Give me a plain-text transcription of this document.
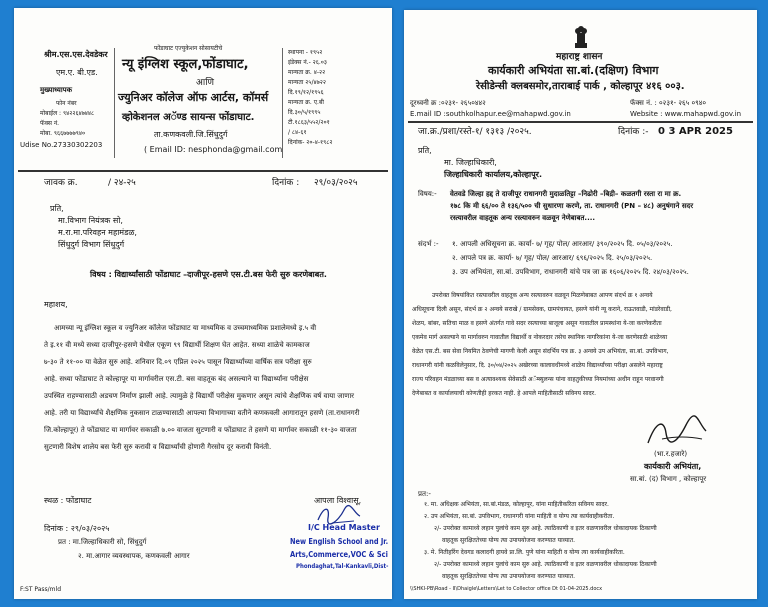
श्रीम.एस.एस.देवडेकर
एम.ए. बी.एड.
मुख्याध्यापक
फोन नंबर
मोबाईल : ९४२२६४७४४८
फॅक्स नं.
मोबा. ९६६७७७७९४०
Udise No.27330302203
फोंडाघाट एज्युकेशन सोसायटीचे
न्यू इंग्लिश स्कूल,फोंडाघाट,
आणि
ज्युनिअर कॉलेज ऑफ आर्टस, कॉमर्स
व्होकेशनल अॅण्ड सायन्स फोंडाघाट.
ता.कणकवली.जि.सिंधुदुर्ग
( Email ID: nesphonda@gmail.com
स्थापना - १९५२
इंडेक्स नं.- २६.०३
मान्यता क्र. ४-२२
मान्यता २५/४७२२
दि.१९/१२/१९५६
मान्यता क्र. ए.बी
दि.३०/५/१९९५
टी.१८६३/५५२/२०१
/ ८४-६१
दिनांक- २०-४-१९८२
जावक क्र.	/ २४-२५	दिनांक : २९/०३/२०२५
प्रति,
मा.विभाग नियंत्रक सो,
म.रा.मा.परिवहन महामंडळ,
सिंधुदुर्ग विभाग सिंधुदुर्ग
विषय : विद्यार्थ्यांसाठी फोंडाघाट –दाजीपूर-हसणे एस.टी.बस फेरी सुरु करणेबाबत.
महाशय,
आमच्या न्यू इंग्लिश स्कूल व ज्युनिअर कॉलेज फोंडाघाट या माध्यमिक व उच्चमाध्यमिक प्रशालेमध्ये इ.५ वी
ते इ.११ वी मध्ये सध्या दाजीपूर-हसणे येथील एकूण ९९ विद्यार्थी शिक्षण घेत आहेत. सध्या शाळेचे कामकाज
७-३० ते ११-०० या वेळेत सुरु आहे. शनिवार दि.०९ एप्रिल २०२५ पासून विद्यार्थ्यांच्या वार्षिक सत्र परीक्षा सुरु
आहे. सध्या फोंडाघाट ते कोल्हापूर या मार्गावरील एस.टी. बस वाहतूक बंद असल्याने या विद्यार्थ्यांना परीक्षेस
उपस्थित राहण्यासाठी अडचण निर्माण झाली आहे. त्यामुळे हे विद्यार्थी परीक्षेस मुकणार असून त्यांचे शैक्षणिक वर्ष वाया जाणार
आहे. तरी या विद्यार्थ्यांचे शैक्षणिक नुकसान टाळण्यासाठी आपल्या विभागाच्या वतीने कणकवली आगारातून हसणे (ता.राधानगरी
जि.कोल्हापूर) ते फोंडाघाट या मार्गावर सकाळी ७.०० वाजता सुटणारी व फोंडाघाट ते हसणे या मार्गावर सकाळी ११-३० वाजता
सुटणारी विशेष शालेय बस फेरी सुरु करावी व विद्यार्थ्यांची होणारी गैरसोय दूर करावी विनंती.
स्थळ : फोंडाघाट	आपला विश्वासू,
I/C Head Master
New English School and Jr.
Arts,Commerce,VOC & Sci
Phondaghat,Tal-Kankavli,Dist-
दिनांक : २९/०३/२०२५
प्रत : मा.जिल्हाधिकारी सो, सिंधुदुर्ग
२. मा.आगार व्यवस्थापक, कणकवली आगार
F:ST Pass/mld
महाराष्ट्र शासन
कार्यकारी अभियंता सा.बां.(दक्षिण) विभाग
रेसीडेन्सी क्लबसमोर,ताराबाई पार्क , कोल्हापूर ४१६ ००३.
दूरध्वनी क्र :०२३१- २६५०४४२	फॅक्स नं. : ०२३१- २६५ ०९४०
E.mail ID :southkolhapur.ee@mahapwd.gov.in	Website : www.mahapwd.gov.in
जा.क्र./प्रशा/रस्ते-१/ १३१३ /२०२५.	दिनांक :- 0 3 APR 2025
प्रति,
मा. जिल्हाधिकारी,
जिल्हाधिकारी कार्यालय,कोल्हापूर.
विषय:- वेतवडे जिल्हा हद्द ते दाजीपूर राधानगरी मुदाळतिट्टा –निढोरी –बिद्री– कळतगी रस्ता रा मा क्र.
१७८ कि मी ६६/०० ते १३६/५०० ची सुधारणा करणे, ता. राधानगरी (PN – ४८) अनुषंगाने सदर
रस्त्यावरील वाहतूक अन्य रस्त्यावरुन वळवून नेणेबाबत....
संदर्भ :- १. आपली अधिसूचना क्र. कार्या- ७/ गृह/ पोल/ आरआर/ ३९०/२०२५ दि. ०५/०३/२०२५.
२. आपले पत्र क्र. कार्या- ७/ गृह/ पोल/ आरआर/ ६९६/२०२५ दि. २५/०३/२०२५.
३. उप अभियंता, सा.बां. उपविभाग, राधानगरी यांचे पत्र जा क्र १६०६/२०२५ दि. २४/०३/२०२५.
उपरोक्त विषयांकित रस्त्यावरील वाहतूक अन्य रस्त्यावरुन वळवून मिळणेबाबत आपण संदर्भ क्र १ अन्वये
अधिसूचना दिली असून, संदर्भ क्र २ अन्वये सराखे / ग्रामसेवक, ग्रामपंचायत, हसणे यांनी न्यू कराने, राऊतवाडी, मांडरेवाडी,
शेळप, बांबर, सतिचा माळ व हसणे अंतर्गत गावे सदर रस्त्याच्या बाजूला असून गावातील प्रामस्थांना ये-जा करणेकरीता
एकमेव मार्ग असल्याने या मार्गावरुन गावातील विद्यार्थी व नोकरदार तसेच स्थानिक नागरिकांना ये-जा करणेसाठी शाळेच्या
वेळेत एस.टी. बस सेवा नियमित ठेवणेची मागणी केली असून संदर्भिय पत्र क्र. ३ अन्वये उप अभियंता, सा.बां. उपविभाग,
राधानगरी यांनी कळविलेनुसार, दि. ३०/०४/२०२५ अखेरच्या कालावधीमध्ये शाळेय विद्यार्थ्यांच्या परीक्षा असलेने महाराष्ट्र
राज्य परिवहन मंडळाच्या बस व अत्यावश्यक सेवेसाठी अॅम्ब्युलन्स यांना वाहतुकीच्या नियमांच्या अधीन राहून परवानगी
देणेबाबत व कार्यालयाची कोणतीही हरकत नाही. हे आपले माहितीसाठी सविनय सादर.
(भा.र.हजारे)
कार्यकारी अभियंता,
सा.बां. (द) विभाग , कोल्हापूर
प्रत:-
१. मा. अधिक्षक अभियंता, सा.बां.मंडळ, कोल्हापूर, यांना माहितीकरिता सविनय सादर.
२. उप अभियंता, सा.बां. उपविभाग, राधानगरी यांना माहिती व योग्य त्या कार्यवाहीकरीता.
२/- उपरोक्त कामाध्ये लहान पुलांचे काम सुरु आहे. त्याठिकाणी व इतर वळणावरील धोकादायक ठिकाणी
वाहतूक सुरक्षिततेच्या योग्य त्या उपाययोजना करण्यात याव्यात.
३. मे. नितीहरिंग देवगड कलादगी हायवे प्रा.लि. पुणे यांना माहिती व योग्य त्या कार्यवाहीकरिता.
२/- उपरोक्त कामाध्ये लहान पुलांचे काम सुरु आहे. त्याठिकाणी व इतर वळणावरील धोकादायक ठिकाणी
वाहतूक सुरक्षिततेच्या योग्य त्या उपाययोजना करण्यात याव्यात.
\\SHKI-PB\Road - II\Dhaigle\Letters\Let to Collector office Dt 01-04-2025.docx
